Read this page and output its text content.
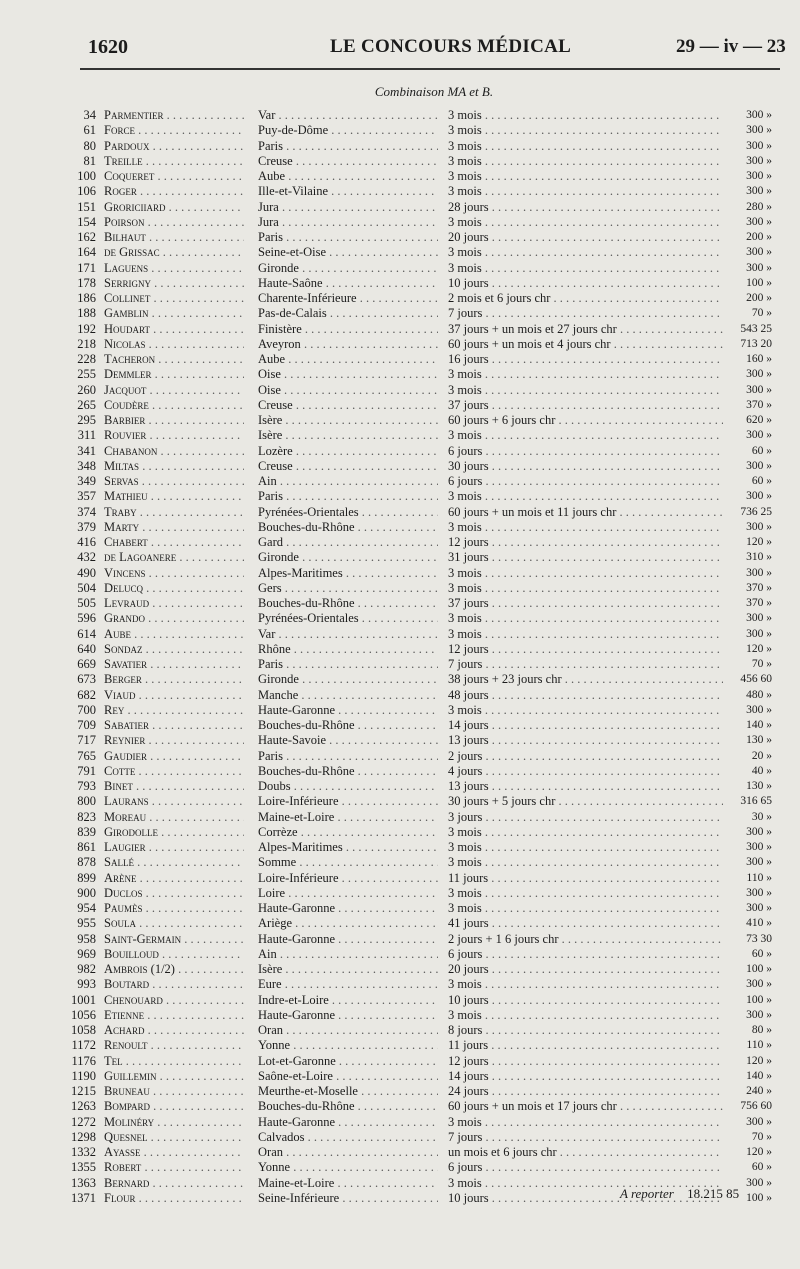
1620	LE CONCOURS MÉDICAL	29 — iv — 23
Combinaison MA et B.
34 Parmentier . . .	Var . . .	3 mois . . .	300 »
61 Force . . .	Puy-de-Dôme . . .	3 mois . . .	300 »
80 Pardoux . . .	Paris . . .	3 mois . . .	300 »
81 Treille . . .	Creuse . . .	3 mois . . .	300 »
100 Coqueret . . .	Aube . . .	3 mois . . .	300 »
106 Roger . . .	Ille-et-Vilaine . . .	3 mois . . .	300 »
151 Groriciiard . . .	Jura . . .	28 jours . . .	280 »
154 Poirson . . .	Jura . . .	3 mois . . .	300 »
162 Bilhaut . . .	Paris . . .	20 jours . . .	200 »
164 de Grissac . . .	Seine-et-Oise . . .	3 mois . . .	300 »
171 Laguens . . .	Gironde . . .	3 mois . . .	300 »
178 Serrigny . . .	Haute-Saône . . .	10 jours . . .	100 »
186 Collinet . . .	Charente-Inférieure . . .	2 mois et 6 jours chr . . .	200 »
188 Gamblin . . .	Pas-de-Calais . . .	7 jours . . .	70 »
192 Houdart . . .	Finistère . . .	37 jours + un mois et 27 jours chr . . .	543 25
218 Nicolas . . .	Aveyron . . .	60 jours + un mois et 4 jours chr . . .	713 20
228 Tacheron . . .	Aube . . .	16 jours . . .	160 »
255 Demmler . . .	Oise . . .	3 mois . . .	300 »
260 Jacquot . . .	Oise . . .	3 mois . . .	300 »
265 Coudère . . .	Creuse . . .	37 jours . . .	370 »
295 Barbier . . .	Isère . . .	60 jours + 6 jours chr . . .	620 »
311 Rouvier . . .	Isère . . .	3 mois . . .	300 »
341 Chabanon . . .	Lozère . . .	6 jours . . .	60 »
348 Miltas . . .	Creuse . . .	30 jours . . .	300 »
349 Servas . . .	Ain . . .	6 jours . . .	60 »
357 Mathieu . . .	Paris . . .	3 mois . . .	300 »
374 Traby . . .	Pyrénées-Orientales . . .	60 jours + un mois et 11 jours chr . . .	736 25
379 Marty . . .	Bouches-du-Rhône . . .	3 mois . . .	300 »
416 Chabert . . .	Gard . . .	12 jours . . .	120 »
432 de Lagoanere . . .	Gironde . . .	31 jours . . .	310 »
490 Vincens . . .	Alpes-Maritimes . . .	3 mois . . .	300 »
504 Delucq . . .	Gers . . .	3 mois . . .	370 »
505 Levraud . . .	Bouches-du-Rhône . . .	37 jours . . .	370 »
596 Grando . . .	Pyrénées-Orientales . . .	3 mois . . .	300 »
614 Aube . . .	Var . . .	3 mois . . .	300 »
640 Sondaz . . .	Rhône . . .	12 jours . . .	120 »
669 Savatier . . .	Paris . . .	7 jours . . .	70 »
673 Berger . . .	Gironde . . .	38 jours + 23 jours chr . . .	456 60
682 Viaud . . .	Manche . . .	48 jours . . .	480 »
700 Rey . . .	Haute-Garonne . . .	3 mois . . .	300 »
709 Sabatier . . .	Bouches-du-Rhône . . .	14 jours . . .	140 »
717 Reynier . . .	Haute-Savoie . . .	13 jours . . .	130 »
765 Gaudier . . .	Paris . . .	2 jours . . .	20 »
791 Cotte . . .	Bouches-du-Rhône . . .	4 jours . . .	40 »
793 Binet . . .	Doubs . . .	13 jours . . .	130 »
800 Laurans . . .	Loire-Inférieure . . .	30 jours + 5 jours chr . . .	316 65
823 Moreau . . .	Maine-et-Loire . . .	3 jours . . .	30 »
839 Girodolle . . .	Corrèze . . .	3 mois . . .	300 »
861 Laugier . . .	Alpes-Maritimes . . .	3 mois . . .	300 »
878 Sallé . . .	Somme . . .	3 mois . . .	300 »
899 Arène . . .	Loire-Inférieure . . .	11 jours . . .	110 »
900 Duclos . . .	Loire . . .	3 mois . . .	300 »
954 Paumès . . .	Haute-Garonne . . .	3 mois . . .	300 »
955 Soula . . .	Ariège . . .	41 jours . . .	410 »
958 Saint-Germain . . .	Haute-Garonne . . .	2 jours + 1 6 jours chr . . .	73 30
969 Bouilloud . . .	Ain . . .	6 jours . . .	60 »
982 Ambrois (1/2) . . .	Isère . . .	20 jours . . .	100 »
993 Boutard . . .	Eure . . .	3 mois . . .	300 »
1001 Chenouard . . .	Indre-et-Loire . . .	10 jours . . .	100 »
1056 Etienne . . .	Haute-Garonne . . .	3 mois . . .	300 »
1058 Achard . . .	Oran . . .	8 jours . . .	80 »
1172 Renoult . . .	Yonne . . .	11 jours . . .	110 »
1176 Tel . . .	Lot-et-Garonne . . .	12 jours . . .	120 »
1190 Guillemin . . .	Saône-et-Loire . . .	14 jours . . .	140 »
1215 Bruneau . . .	Meurthe-et-Moselle . . .	24 jours . . .	240 »
1263 Bompard . . .	Bouches-du-Rhône . . .	60 jours + un mois et 17 jours chr . . .	756 60
1272 Molinéry . . .	Haute-Garonne . . .	3 mois . . .	300 »
1298 Quesnel . . .	Calvados . . .	7 jours . . .	70 »
1332 Ayasse . . .	Oran . . .	un mois et 6 jours chr . . .	120 »
1355 Robert . . .	Yonne . . .	6 jours . . .	60 »
1363 Bernard . . .	Maine-et-Loire . . .	3 mois . . .	300 »
1371 Flour . . .	Seine-Inférieure . . .	10 jours . . .	100 »
A reporter 18.215 85
